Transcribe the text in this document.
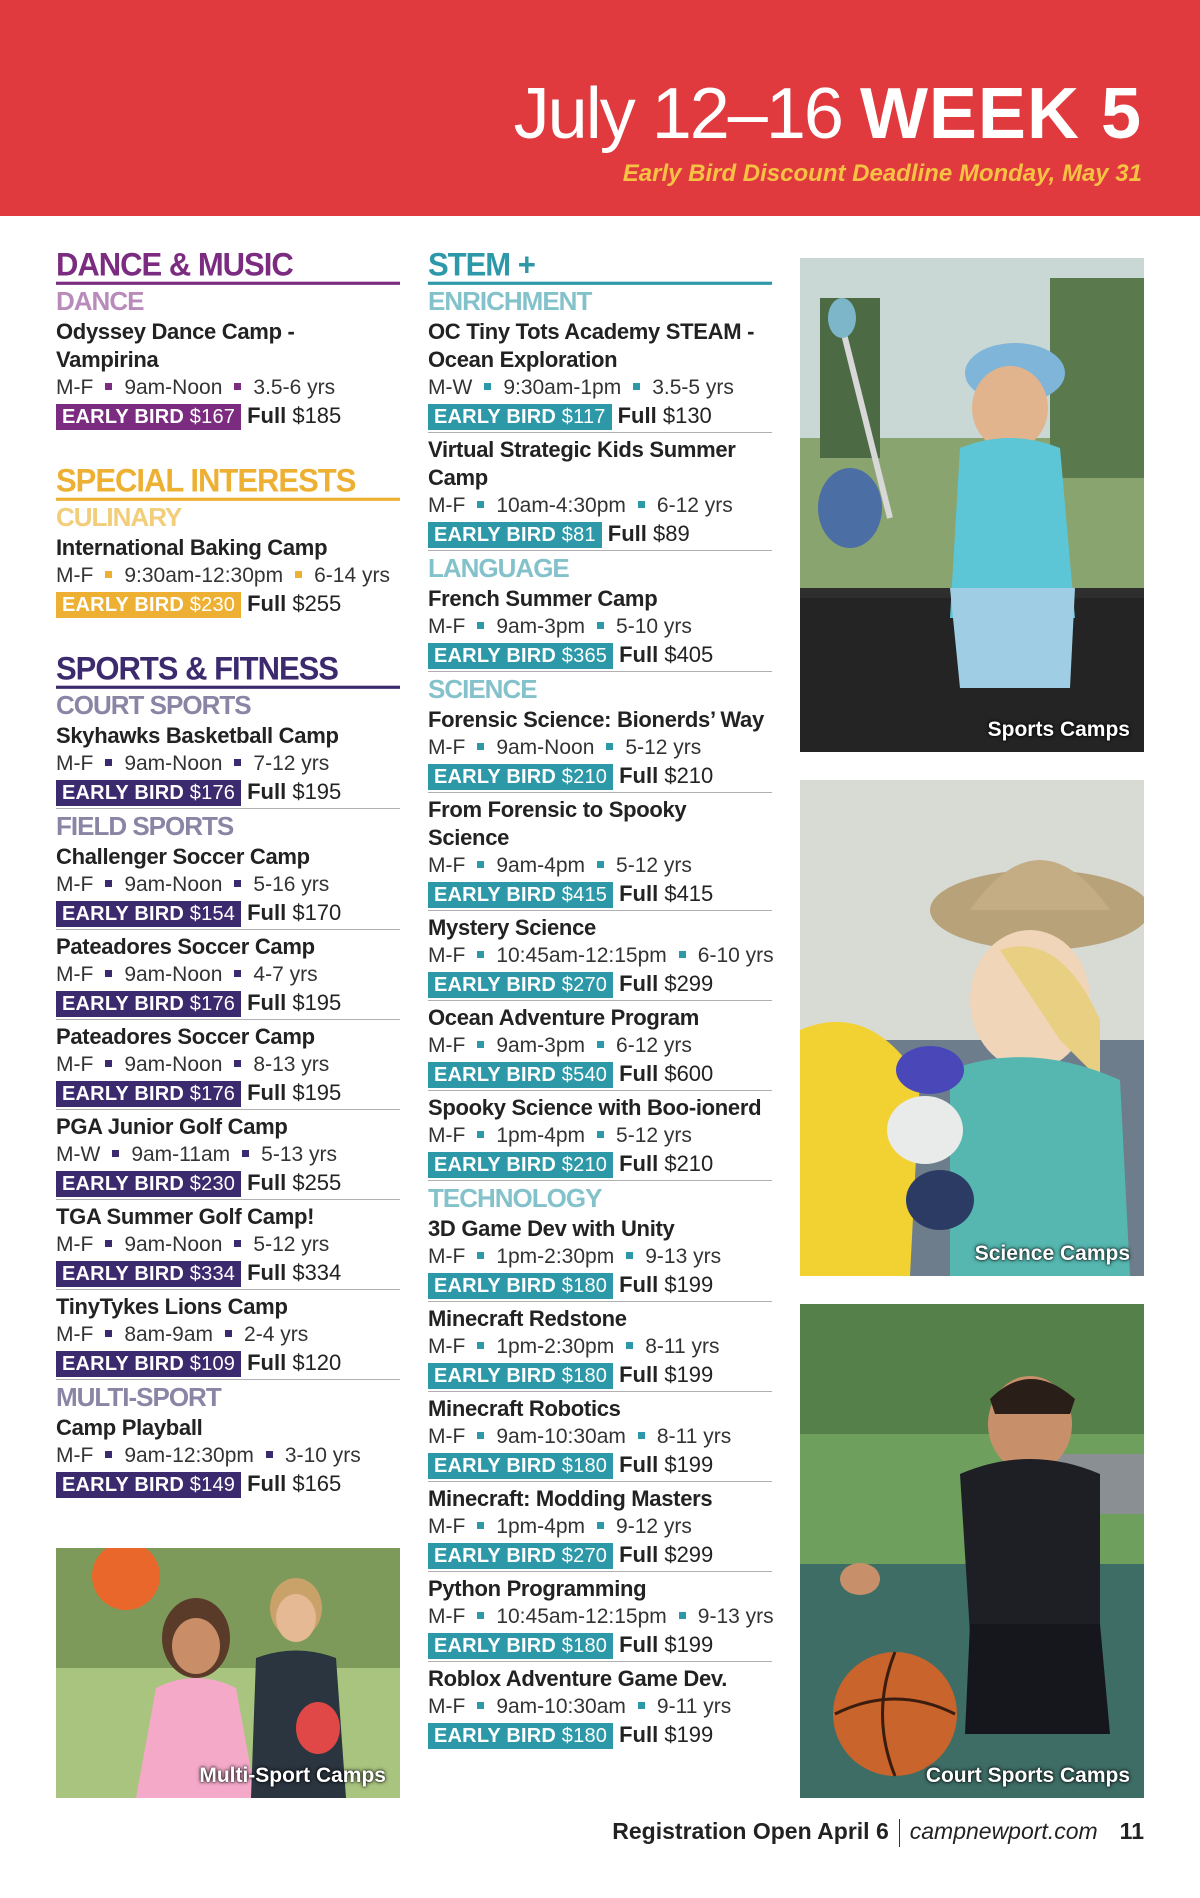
July 12–16 WEEK 5
Early Bird Discount Deadline Monday, May 31
DANCE & MUSIC
DANCE
Odyssey Dance Camp - Vampirina
M-F 9am-Noon 3.5-6 yrs
EARLY BIRD $167 Full $185
SPECIAL INTERESTS
CULINARY
International Baking Camp
M-F 9:30am-12:30pm 6-14 yrs
EARLY BIRD $230 Full $255
SPORTS & FITNESS
COURT SPORTS
Skyhawks Basketball Camp
M-F 9am-Noon 7-12 yrs
EARLY BIRD $176 Full $195
FIELD SPORTS
Challenger Soccer Camp
M-F 9am-Noon 5-16 yrs
EARLY BIRD $154 Full $170
Pateadores Soccer Camp
M-F 9am-Noon 4-7 yrs
EARLY BIRD $176 Full $195
Pateadores Soccer Camp
M-F 9am-Noon 8-13 yrs
EARLY BIRD $176 Full $195
PGA Junior Golf Camp
M-W 9am-11am 5-13 yrs
EARLY BIRD $230 Full $255
TGA Summer Golf Camp!
M-F 9am-Noon 5-12 yrs
EARLY BIRD $334 Full $334
TinyTykes Lions Camp
M-F 8am-9am 2-4 yrs
EARLY BIRD $109 Full $120
MULTI-SPORT
Camp Playball
M-F 9am-12:30pm 3-10 yrs
EARLY BIRD $149 Full $165
STEM +
ENRICHMENT
OC Tiny Tots Academy STEAM - Ocean Exploration
M-W 9:30am-1pm 3.5-5 yrs
EARLY BIRD $117 Full $130
Virtual Strategic Kids Summer Camp
M-F 10am-4:30pm 6-12 yrs
EARLY BIRD $81 Full $89
LANGUAGE
French Summer Camp
M-F 9am-3pm 5-10 yrs
EARLY BIRD $365 Full $405
SCIENCE
Forensic Science: Bionerds’ Way
M-F 9am-Noon 5-12 yrs
EARLY BIRD $210 Full $210
From Forensic to Spooky Science
M-F 9am-4pm 5-12 yrs
EARLY BIRD $415 Full $415
Mystery Science
M-F 10:45am-12:15pm 6-10 yrs
EARLY BIRD $270 Full $299
Ocean Adventure Program
M-F 9am-3pm 6-12 yrs
EARLY BIRD $540 Full $600
Spooky Science with Boo-ionerd
M-F 1pm-4pm 5-12 yrs
EARLY BIRD $210 Full $210
TECHNOLOGY
3D Game Dev with Unity
M-F 1pm-2:30pm 9-13 yrs
EARLY BIRD $180 Full $199
Minecraft Redstone
M-F 1pm-2:30pm 8-11 yrs
EARLY BIRD $180 Full $199
Minecraft Robotics
M-F 9am-10:30am 8-11 yrs
EARLY BIRD $180 Full $199
Minecraft: Modding Masters
M-F 1pm-4pm 9-12 yrs
EARLY BIRD $270 Full $299
Python Programming
M-F 10:45am-12:15pm 9-13 yrs
EARLY BIRD $180 Full $199
Roblox Adventure Game Dev.
M-F 9am-10:30am 9-11 yrs
EARLY BIRD $180 Full $199
Multi-Sport Camps
Sports Camps
Science Camps
Court Sports Camps
Registration Open April 6 campnewport.com 11
